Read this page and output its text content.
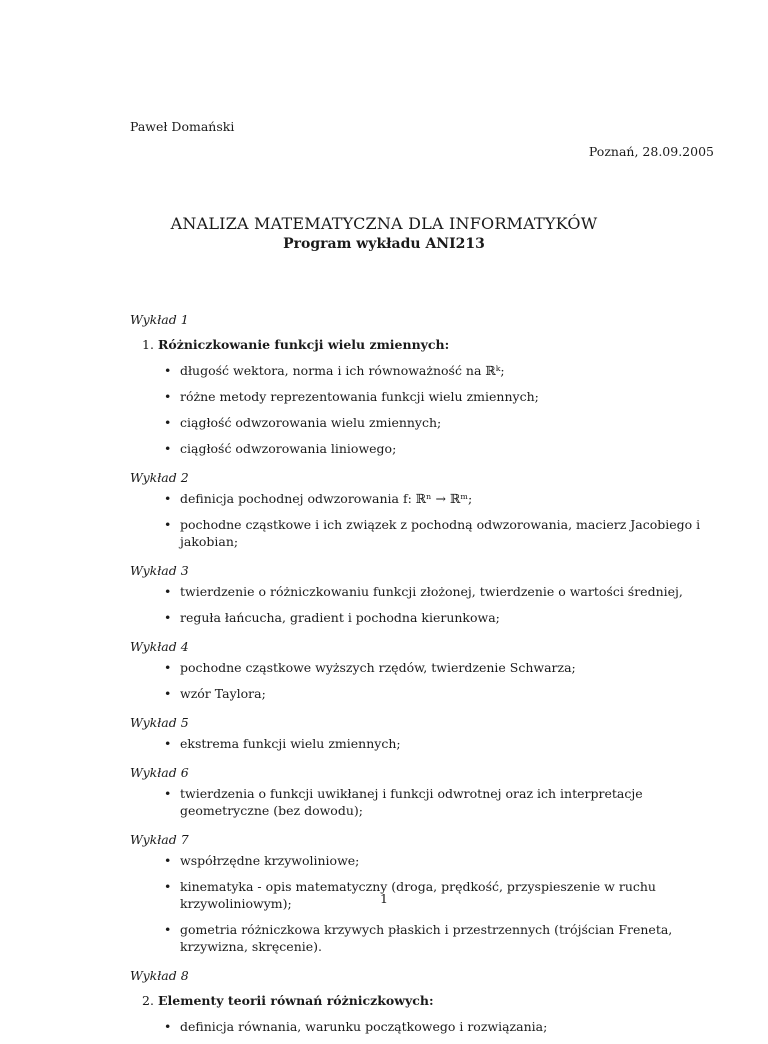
Paweł Domański
Poznań, 28.09.2005
ANALIZA MATEMATYCZNA DLA INFORMATYKÓW
Program wykładu ANI213
Wykład 1
1. Różniczkowanie funkcji wielu zmiennych:
• długość wektora, norma i ich równoważność na ℝᵏ;
• różne metody reprezentowania funkcji wielu zmiennych;
• ciągłość odwzorowania wielu zmiennych;
• ciągłość odwzorowania liniowego;
Wykład 2
• definicja pochodnej odwzorowania f: ℝⁿ → ℝᵐ;
• pochodne cząstkowe i ich związek z pochodną odwzorowania, macierz Jacobiego i jakobian;
Wykład 3
• twierdzenie o różniczkowaniu funkcji złożonej, twierdzenie o wartości średniej,
• reguła łańcucha, gradient i pochodna kierunkowa;
Wykład 4
• pochodne cząstkowe wyższych rzędów, twierdzenie Schwarza;
• wzór Taylora;
Wykład 5
• ekstrema funkcji wielu zmiennych;
Wykład 6
• twierdzenia o funkcji uwikłanej i funkcji odwrotnej oraz ich interpretacje geometryczne (bez dowodu);
Wykład 7
• współrzędne krzywoliniowe;
• kinematyka - opis matematyczny (droga, prędkość, przyspieszenie w ruchu krzywoliniowym);
• gometria różniczkowa krzywych płaskich i przestrzennych (trójścian Freneta, krzywizna, skręcenie).
Wykład 8
2. Elementy teorii równań różniczkowych:
• definicja równania, warunku początkowego i rozwiązania;
1
